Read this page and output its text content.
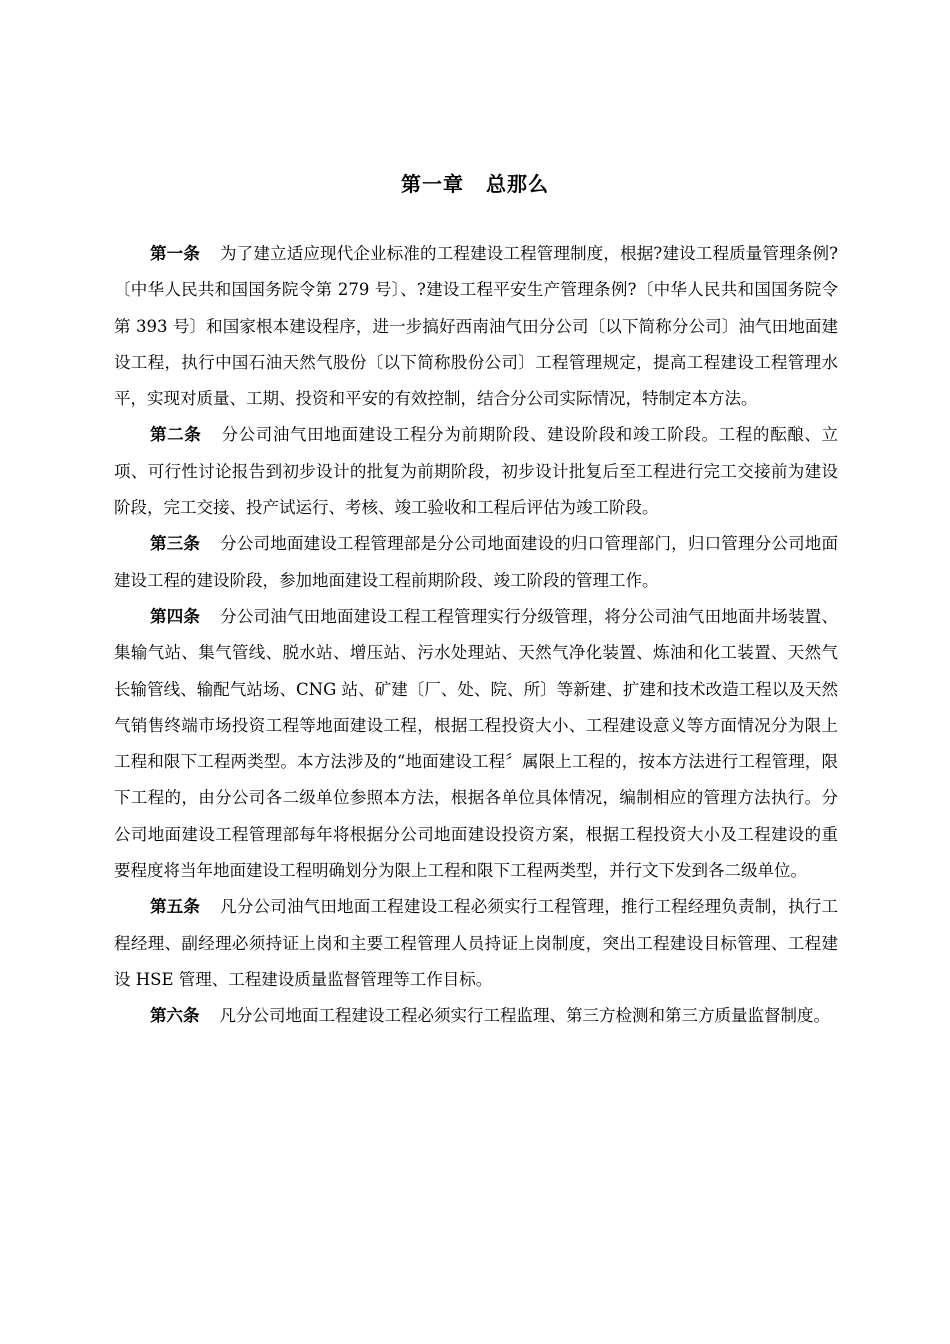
第一章 总那么

第一条 为了建立适应现代企业标准的工程建设工程管理制度，根据?建设工程质量管理条例?〔中华人民共和国国务院令第 279 号〕、?建设工程平安生产管理条例?〔中华人民共和国国务院令第 393 号〕和国家根本建设程序，进一步搞好西南油气田分公司〔以下简称分公司〕油气田地面建设工程，执行中国石油天然气股份〔以下简称股份公司〕工程管理规定，提高工程建设工程管理水平，实现对质量、工期、投资和平安的有效控制，结合分公司实际情况，特制定本方法。

第二条 分公司油气田地面建设工程分为前期阶段、建设阶段和竣工阶段。工程的酝酿、立项、可行性讨论报告到初步设计的批复为前期阶段，初步设计批复后至工程进行完工交接前为建设阶段，完工交接、投产试运行、考核、竣工验收和工程后评估为竣工阶段。

第三条 分公司地面建设工程管理部是分公司地面建设的归口管理部门，归口管理分公司地面建设工程的建设阶段，参加地面建设工程前期阶段、竣工阶段的管理工作。

第四条 分公司油气田地面建设工程工程管理实行分级管理，将分公司油气田地面井场装置、集输气站、集气管线、脱水站、增压站、污水处理站、天然气净化装置、炼油和化工装置、天然气长输管线、输配气站场、CNG 站、矿建〔厂、处、院、所〕等新建、扩建和技术改造工程以及天然气销售终端市场投资工程等地面建设工程，根据工程投资大小、工程建设意义等方面情况分为限上工程和限下工程两类型。本方法涉及的“地面建设工程〞属限上工程的，按本方法进行工程管理，限下工程的，由分公司各二级单位参照本方法，根据各单位具体情况，编制相应的管理方法执行。分公司地面建设工程管理部每年将根据分公司地面建设投资方案，根据工程投资大小及工程建设的重要程度将当年地面建设工程明确划分为限上工程和限下工程两类型，并行文下发到各二级单位。

第五条 凡分公司油气田地面工程建设工程必须实行工程管理，推行工程经理负责制，执行工程经理、副经理必须持证上岗和主要工程管理人员持证上岗制度，突出工程建设目标管理、工程建设 HSE 管理、工程建设质量监督管理等工作目标。

第六条 凡分公司地面工程建设工程必须实行工程监理、第三方检测和第三方质量监督制度。
